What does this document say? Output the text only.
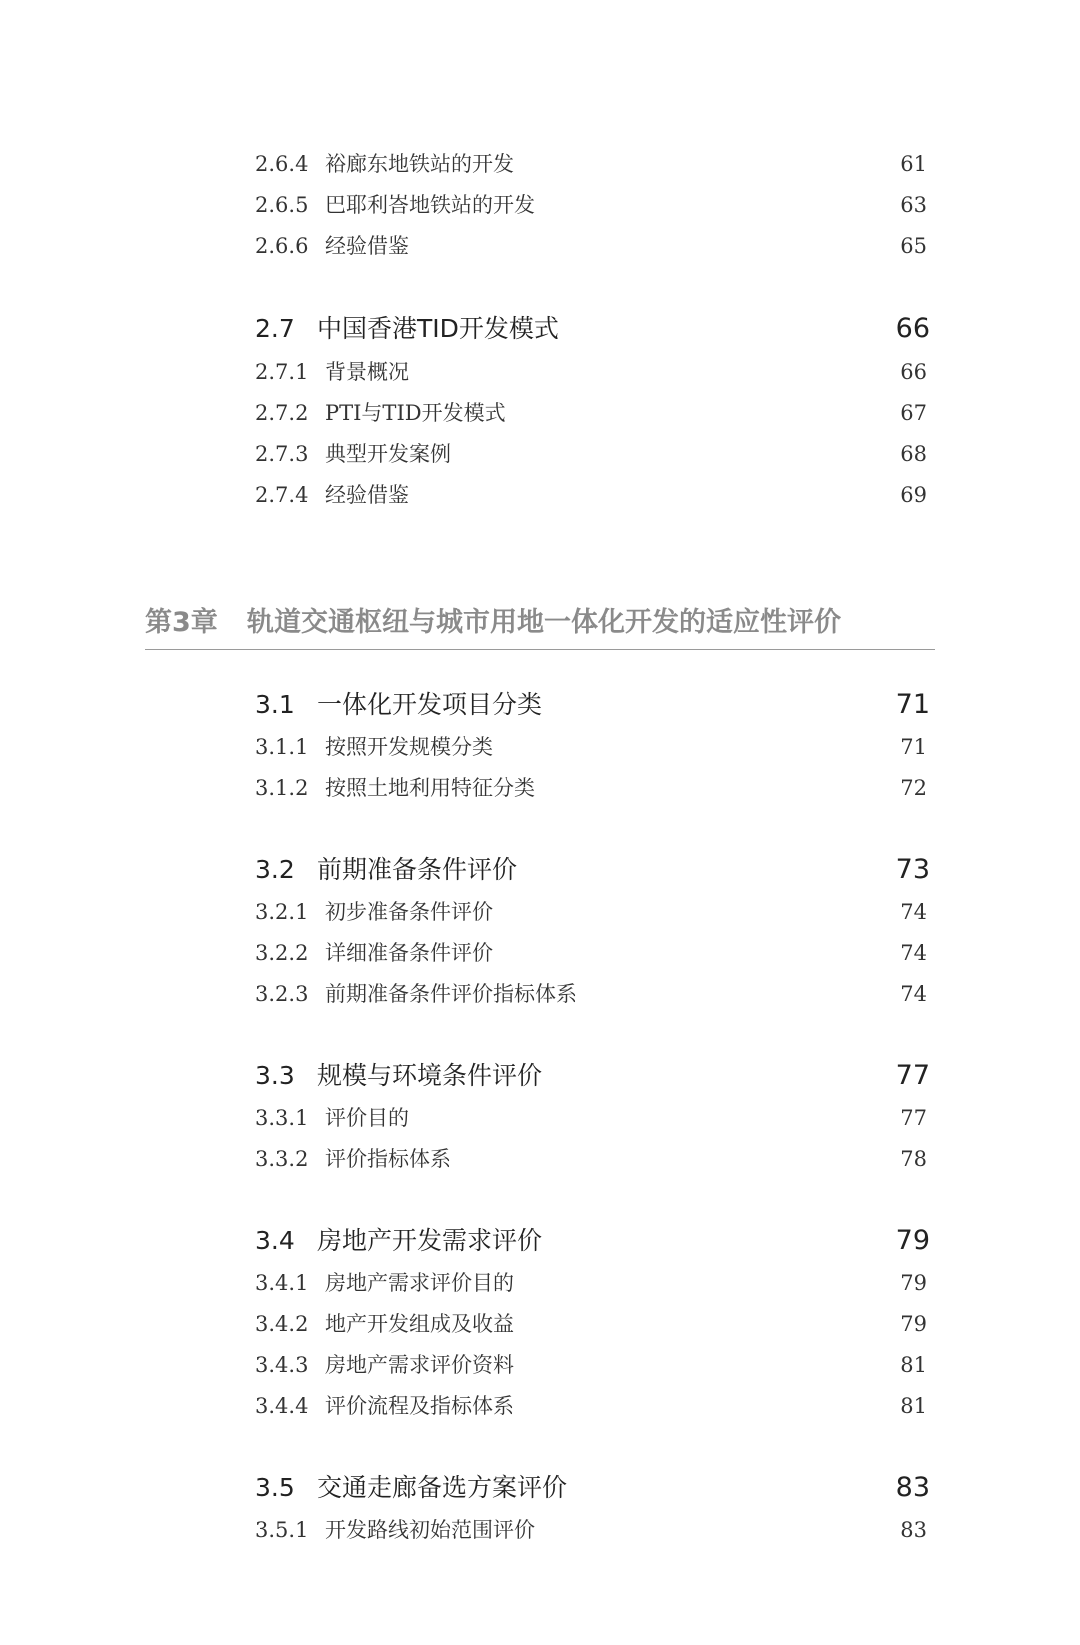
2.6.4 裕廊东地铁站的开发	61
2.6.5 巴耶利峇地铁站的开发	63
2.6.6 经验借鉴	65
2.7 中国香港TID开发模式	66
2.7.1 背景概况	66
2.7.2 PTI与TID开发模式	67
2.7.3 典型开发案例	68
2.7.4 经验借鉴	69
第3章 轨道交通枢纽与城市用地一体化开发的适应性评价
3.1 一体化开发项目分类	71
3.1.1 按照开发规模分类	71
3.1.2 按照土地利用特征分类	72
3.2 前期准备条件评价	73
3.2.1 初步准备条件评价	74
3.2.2 详细准备条件评价	74
3.2.3 前期准备条件评价指标体系	74
3.3 规模与环境条件评价	77
3.3.1 评价目的	77
3.3.2 评价指标体系	78
3.4 房地产开发需求评价	79
3.4.1 房地产需求评价目的	79
3.4.2 地产开发组成及收益	79
3.4.3 房地产需求评价资料	81
3.4.4 评价流程及指标体系	81
3.5 交通走廊备选方案评价	83
3.5.1 开发路线初始范围评价	83
